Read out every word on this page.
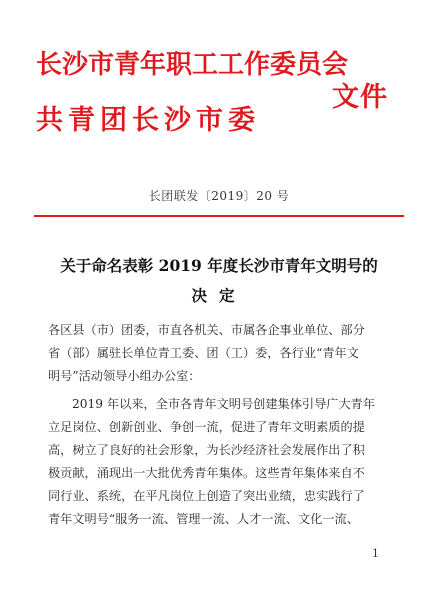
长沙市青年职工工作委员会
共青团长沙市委
文件
长团联发〔2019〕20 号
关于命名表彰 2019 年度长沙市青年文明号的
决定
各区县（市）团委，市直各机关、市属各企事业单位、部分
省（部）属驻长单位青工委、团（工）委，各行业“青年文
明号”活动领导小组办公室：
2019 年以来，全市各青年文明号创建集体引导广大青年
立足岗位、创新创业、争创一流，促进了青年文明素质的提
高，树立了良好的社会形象，为长沙经济社会发展作出了积
极贡献，涌现出一大批优秀青年集体。这些青年集体来自不
同行业、系统，在平凡岗位上创造了突出业绩，忠实践行了
青年文明号“服务一流、管理一流、人才一流、文化一流、
1
